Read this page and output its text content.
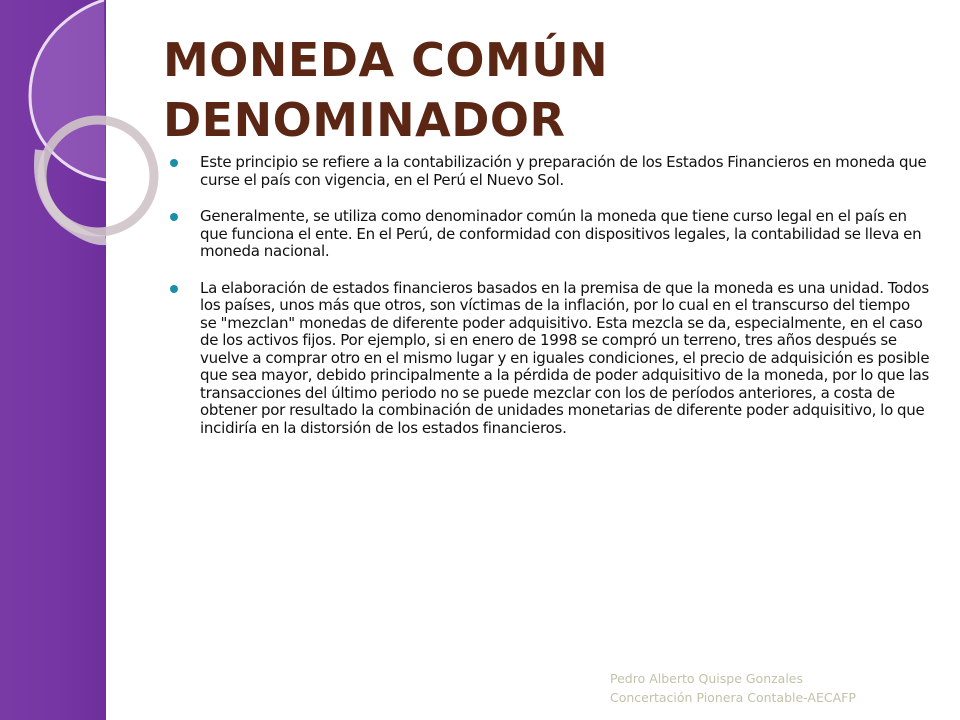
MONEDA COMÚN
DENOMINADOR
Este principio se refiere a la contabilización y preparación de los Estados Financieros en moneda que curse el país con vigencia, en el Perú el Nuevo Sol.
Generalmente, se utiliza como denominador común la moneda que tiene curso legal en el país en que funciona el ente. En el Perú, de conformidad con dispositivos legales, la contabilidad se lleva en moneda nacional.
La elaboración de estados financieros basados en la premisa de que la moneda es una unidad. Todos los países, unos más que otros, son víctimas de la inflación, por lo cual en el transcurso del tiempo se "mezclan" monedas de diferente poder adquisitivo. Esta mezcla se da, especialmente, en el caso de los activos fijos. Por ejemplo, si en enero de 1998 se compró un terreno, tres años después se vuelve a comprar otro en el mismo lugar y en iguales condiciones, el precio de adquisición es posible que sea mayor, debido principalmente a la pérdida de poder adquisitivo de la moneda, por lo que las transacciones del último periodo no se puede mezclar con los de períodos anteriores, a costa de obtener por resultado la combinación de unidades monetarias de diferente poder adquisitivo, lo que incidiría en la distorsión de los estados financieros.
Pedro Alberto Quispe Gonzales
Concertación Pionera Contable-AECAFP
